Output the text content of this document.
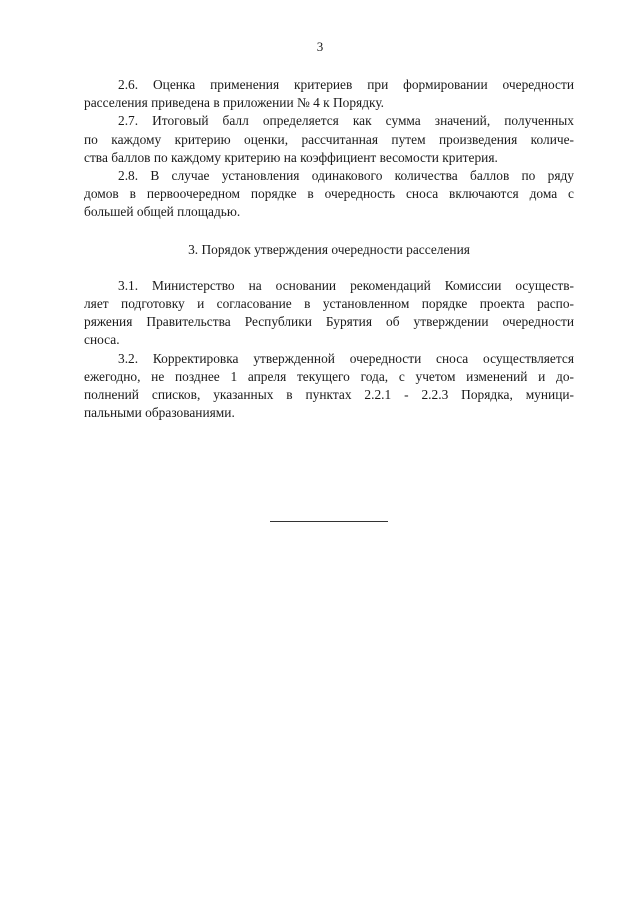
3
2.6. Оценка применения критериев при формировании очередности
расселения приведена в приложении № 4 к Порядку.
2.7. Итоговый балл определяется как сумма значений, полученных
по каждому критерию оценки, рассчитанная путем произведения количе-
ства баллов по каждому критерию на коэффициент весомости критерия.
2.8. В случае установления одинакового количества баллов по ряду
домов в первоочередном порядке в очередность сноса включаются дома с
большей общей площадью.
3. Порядок утверждения очередности расселения
3.1. Министерство на основании рекомендаций Комиссии осуществ-
ляет подготовку и согласование в установленном порядке проекта распо-
ряжения Правительства Республики Бурятия об утверждении очередности
сноса.
3.2. Корректировка утвержденной очередности сноса осуществляется
ежегодно, не позднее 1 апреля текущего года, с учетом изменений и до-
полнений списков, указанных в пунктах 2.2.1 - 2.2.3 Порядка, муници-
пальными образованиями.
